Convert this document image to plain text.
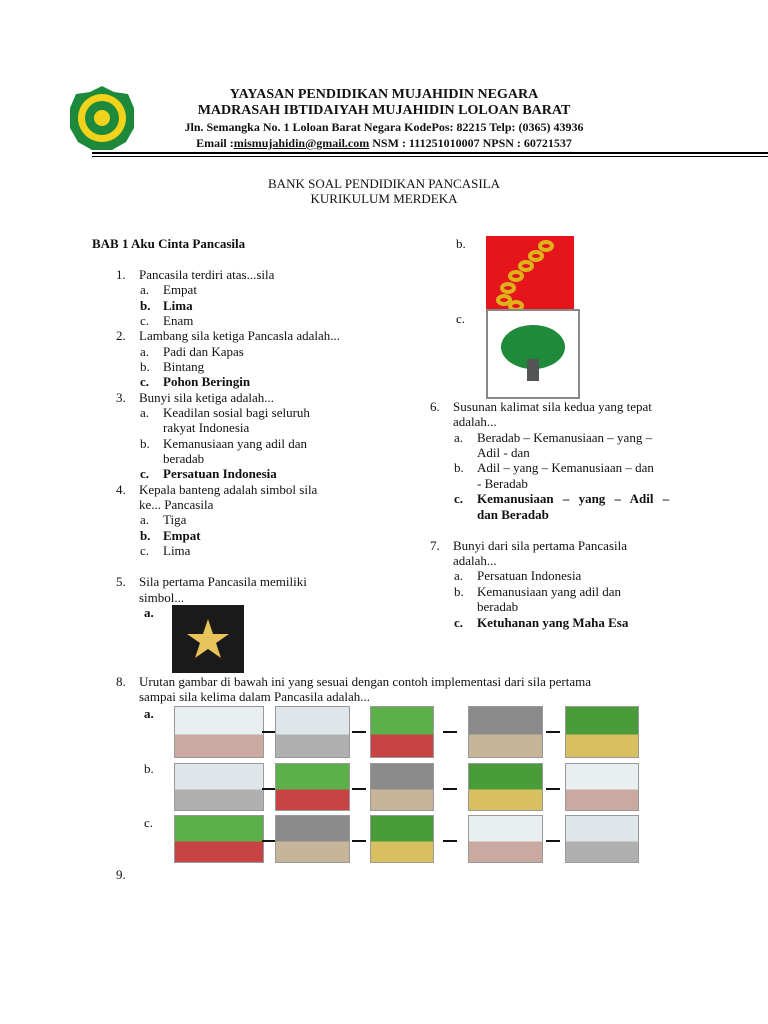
YAYASAN PENDIDIKAN MUJAHIDIN NEGARA
MADRASAH IBTIDAIYAH MUJAHIDIN LOLOAN BARAT
Jln. Semangka No. 1 Loloan Barat Negara KodePos: 82215 Telp: (0365) 43936
Email :mismujahidin@gmail.com NSM : 111251010007 NPSN : 60721537
BANK SOAL PENDIDIKAN PANCASILA
KURIKULUM MERDEKA
BAB 1 Aku Cinta Pancasila
1. Pancasila terdiri atas...sila
a. Empat
b. Lima
c. Enam
2. Lambang sila ketiga Pancasla adalah...
a. Padi dan Kapas
b. Bintang
c. Pohon Beringin
3. Bunyi sila ketiga adalah...
a. Keadilan sosial bagi seluruh
rakyat Indonesia
b. Kemanusiaan yang adil dan
beradab
c. Persatuan Indonesia
4. Kepala banteng adalah simbol sila
ke... Pancasila
a. Tiga
b. Empat
c. Lima
5. Sila pertama Pancasila memiliki
simbol...
a.
b.
c.
6. Susunan kalimat sila kedua yang tepat
adalah...
a. Beradab – Kemanusiaan – yang –
Adil - dan
b. Adil – yang – Kemanusiaan – dan
- Beradab
c. Kemanusiaan – yang – Adil –
dan Beradab
7. Bunyi dari sila pertama Pancasila
adalah...
a. Persatuan Indonesia
b. Kemanusiaan yang adil dan
beradab
c. Ketuhanan yang Maha Esa
8. Urutan gambar di bawah ini yang sesuai dengan contoh implementasi dari sila pertama
sampai sila kelima dalam Pancasila adalah...
a.
b.
c.
9.
